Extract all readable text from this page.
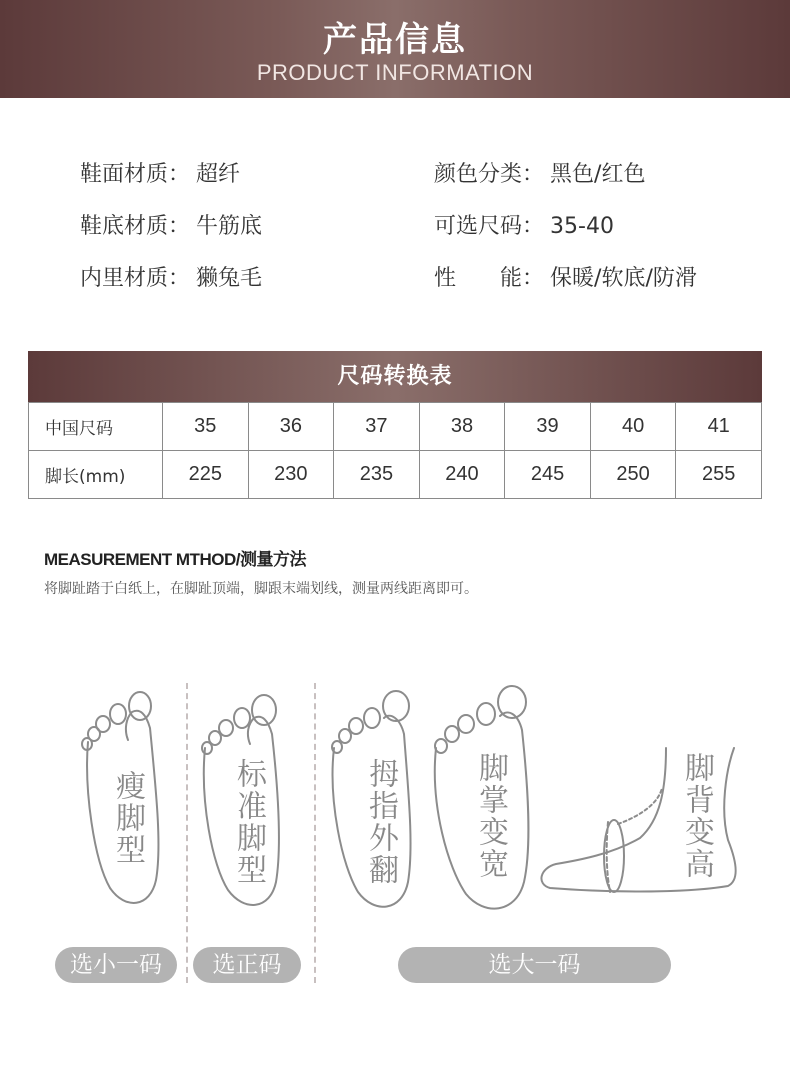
产品信息
PRODUCT INFORMATION
鞋面材质： 超纤	颜色分类： 黑色/红色
鞋底材质： 牛筋底	可选尺码： 35-40
内里材质： 獭兔毛	性　　能： 保暖/软底/防滑
尺码转换表
中国尺码	35	36	37	38	39	40	41
脚长(mm)	225	230	235	240	245	250	255
MEASUREMENT MTHOD/测量方法
将脚趾踏于白纸上，在脚趾顶端，脚跟末端划线，测量两线距离即可。
瘦脚型	标准脚型	拇指外翻	脚掌变宽	脚背变高
选小一码	选正码	选大一码
